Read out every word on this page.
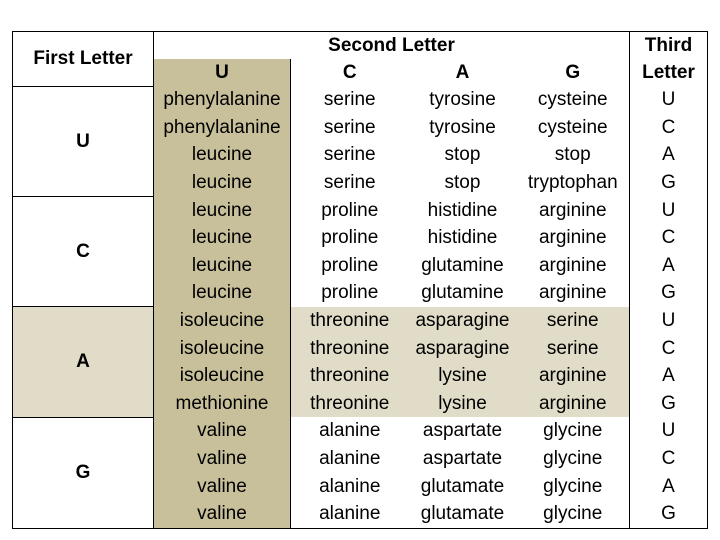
First Letter	Second Letter				Third
	U	C	A	G	Letter
U	phenylalanine	serine	tyrosine	cysteine	U
	phenylalanine	serine	tyrosine	cysteine	C
	leucine	serine	stop	stop	A
	leucine	serine	stop	tryptophan	G
C	leucine	proline	histidine	arginine	U
	leucine	proline	histidine	arginine	C
	leucine	proline	glutamine	arginine	A
	leucine	proline	glutamine	arginine	G
A	isoleucine	threonine	asparagine	serine	U
	isoleucine	threonine	asparagine	serine	C
	isoleucine	threonine	lysine	arginine	A
	methionine	threonine	lysine	arginine	G
G	valine	alanine	aspartate	glycine	U
	valine	alanine	aspartate	glycine	C
	valine	alanine	glutamate	glycine	A
	valine	alanine	glutamate	glycine	G
